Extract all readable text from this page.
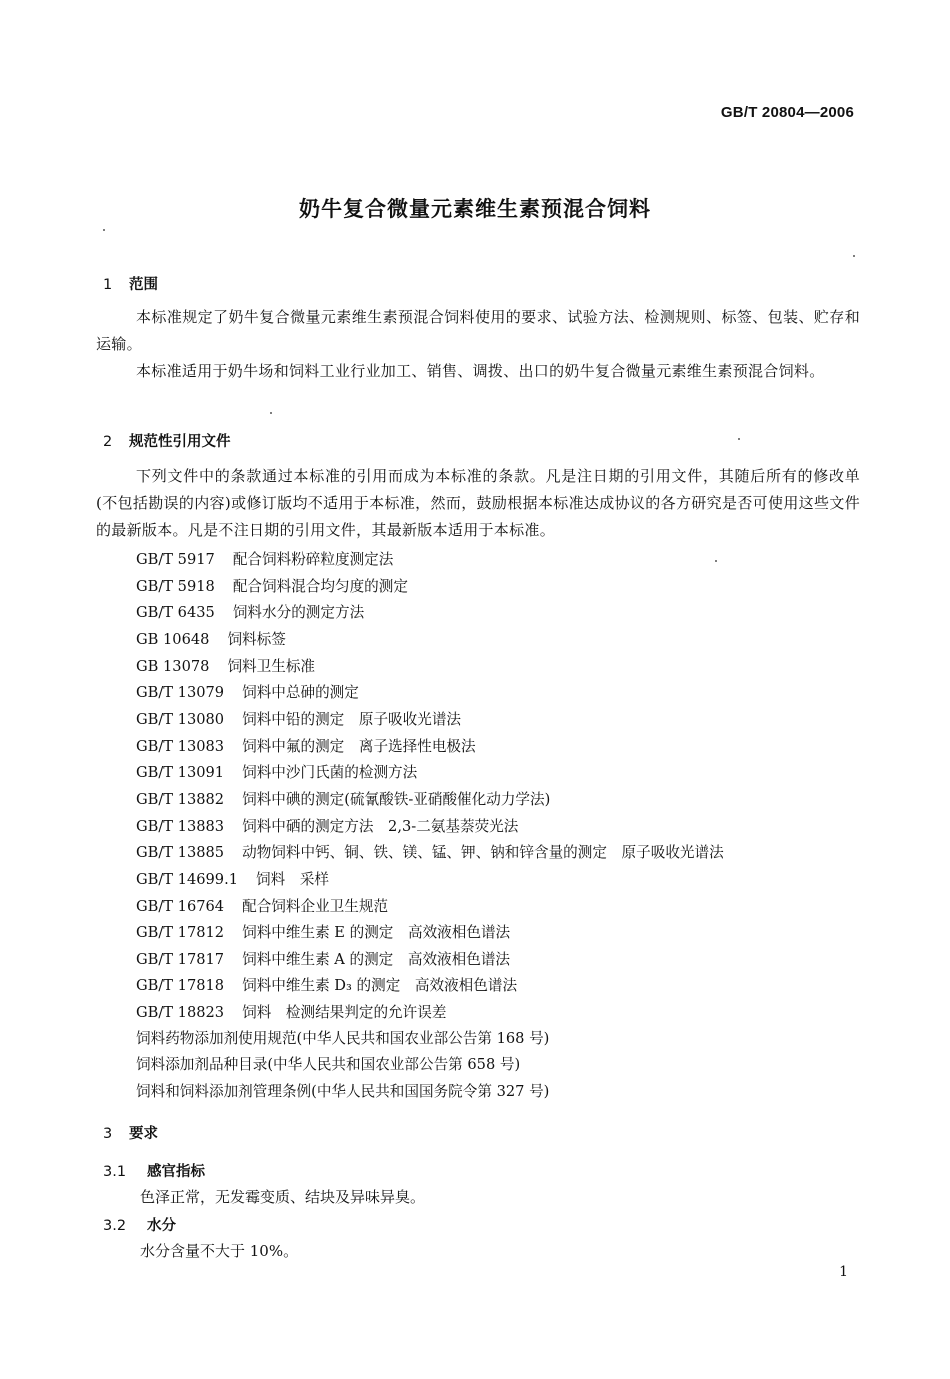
GB/T 20804—2006
奶牛复合微量元素维生素预混合饲料
1 范围
本标准规定了奶牛复合微量元素维生素预混合饲料使用的要求、试验方法、检测规则、标签、包装、贮存和运输。
本标准适用于奶牛场和饲料工业行业加工、销售、调拨、出口的奶牛复合微量元素维生素预混合饲料。
2 规范性引用文件
下列文件中的条款通过本标准的引用而成为本标准的条款。凡是注日期的引用文件，其随后所有的修改单(不包括勘误的内容)或修订版均不适用于本标准，然而，鼓励根据本标准达成协议的各方研究是否可使用这些文件的最新版本。凡是不注日期的引用文件，其最新版本适用于本标准。
GB/T 5917 配合饲料粉碎粒度测定法
GB/T 5918 配合饲料混合均匀度的测定
GB/T 6435 饲料水分的测定方法
GB 10648 饲料标签
GB 13078 饲料卫生标准
GB/T 13079 饲料中总砷的测定
GB/T 13080 饲料中铅的测定　原子吸收光谱法
GB/T 13083 饲料中氟的测定　离子选择性电极法
GB/T 13091 饲料中沙门氏菌的检测方法
GB/T 13882 饲料中碘的测定(硫氰酸铁-亚硝酸催化动力学法)
GB/T 13883 饲料中硒的测定方法　2,3-二氨基萘荧光法
GB/T 13885 动物饲料中钙、铜、铁、镁、锰、钾、钠和锌含量的测定　原子吸收光谱法
GB/T 14699.1 饲料　采样
GB/T 16764 配合饲料企业卫生规范
GB/T 17812 饲料中维生素 E 的测定　高效液相色谱法
GB/T 17817 饲料中维生素 A 的测定　高效液相色谱法
GB/T 17818 饲料中维生素 D₃ 的测定　高效液相色谱法
GB/T 18823 饲料　检测结果判定的允许误差
饲料药物添加剂使用规范(中华人民共和国农业部公告第 168 号)
饲料添加剂品种目录(中华人民共和国农业部公告第 658 号)
饲料和饲料添加剂管理条例(中华人民共和国国务院令第 327 号)
3 要求
3.1 感官指标
色泽正常，无发霉变质、结块及异味异臭。
3.2 水分
水分含量不大于 10%。
1
